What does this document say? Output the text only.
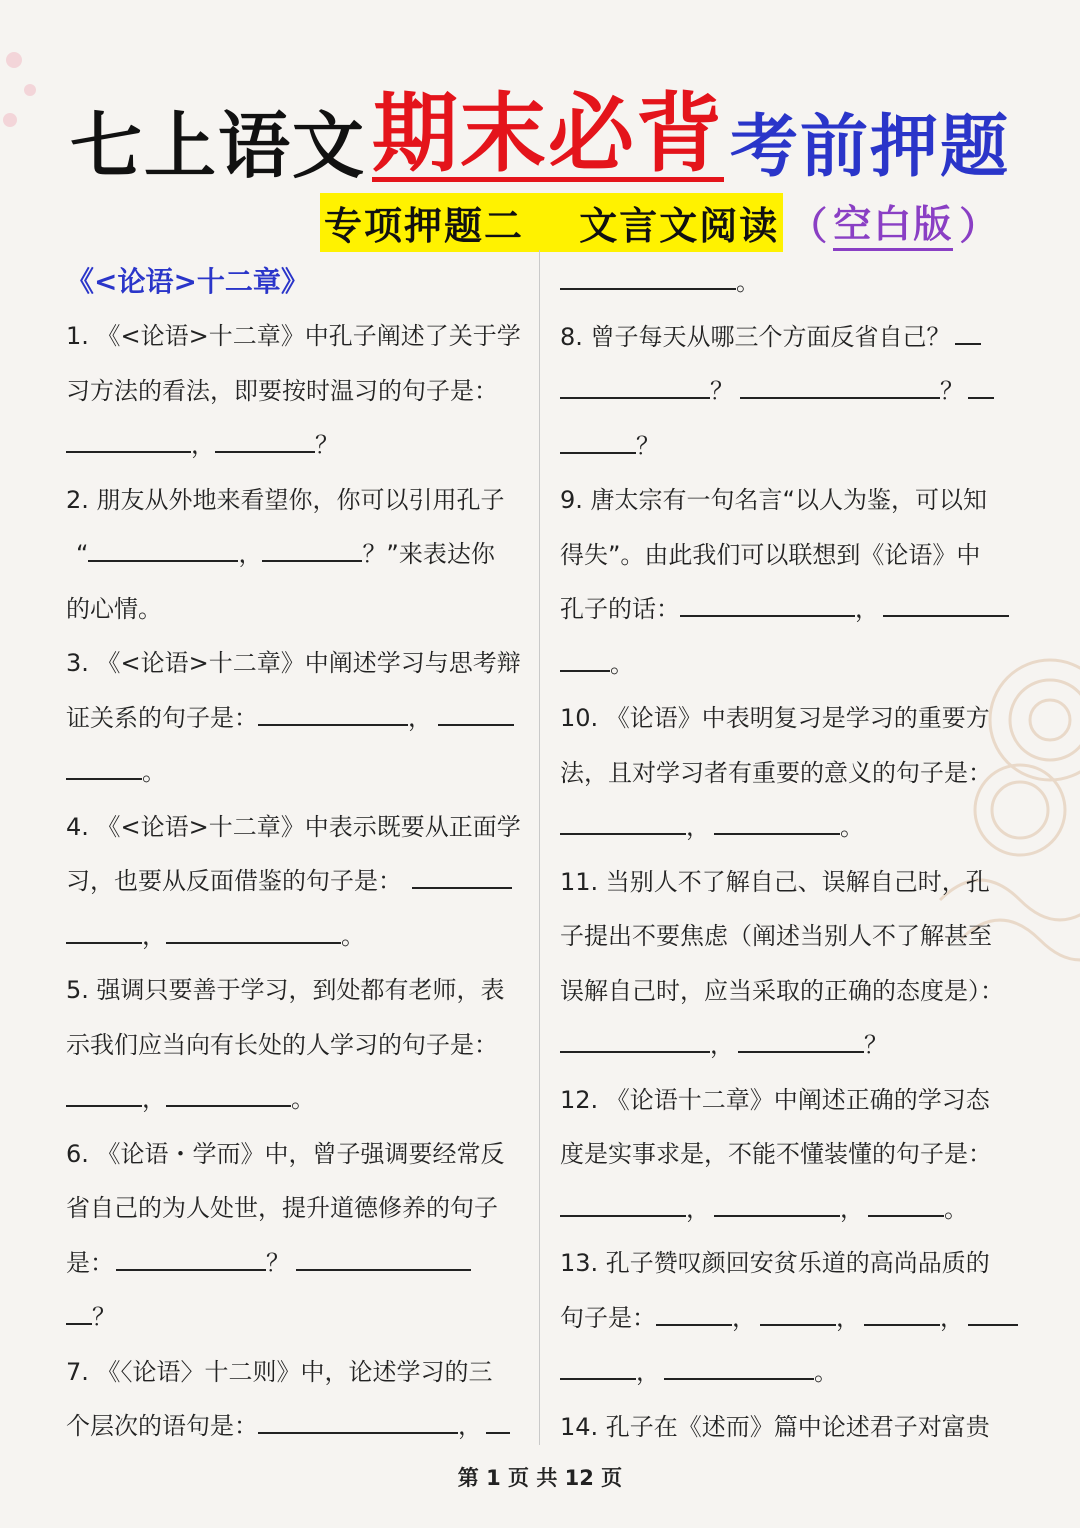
七上语文 期末必背 考前押题
专项押题二　 文言文阅读 （ 空白版 ）
《<论语>十二章》
1. 《<论语>十二章》中孔子阐述了关于学
习方法的看法，即要按时温习的句子是：
，	？
2. 朋友从外地来看望你，你可以引用孔子
“	，	？”来表达你
的心情。
3. 《<论语>十二章》中阐述学习与思考辩
证关系的句子是：	，
。
4. 《<论语>十二章》中表示既要从正面学
习，也要从反面借鉴的句子是：
，	。
5. 强调只要善于学习，到处都有老师，表
示我们应当向有长处的人学习的句子是：
，	。
6. 《论语・学而》中，曾子强调要经常反
省自己的为人处世，提升道德修养的句子
是：	？
？
7. 《〈论语〉十二则》中，论述学习的三
个层次的语句是：	，
。
8. 曾子每天从哪三个方面反省自己？
？	？
？
9. 唐太宗有一句名言“以人为鉴，可以知
得失”。由此我们可以联想到《论语》中
孔子的话：	，
。
10. 《论语》中表明复习是学习的重要方
法，且对学习者有重要的意义的句子是：
，	。
11. 当别人不了解自己、误解自己时，孔
子提出不要焦虑（阐述当别人不了解甚至
误解自己时，应当采取的正确的态度是）：
，	？
12. 《论语十二章》中阐述正确的学习态
度是实事求是，不能不懂装懂的句子是：
，	，	。
13. 孔子赞叹颜回安贫乐道的高尚品质的
句子是：	，	，	，
，	。
14. 孔子在《述而》篇中论述君子对富贵
第 1 页 共 12 页
